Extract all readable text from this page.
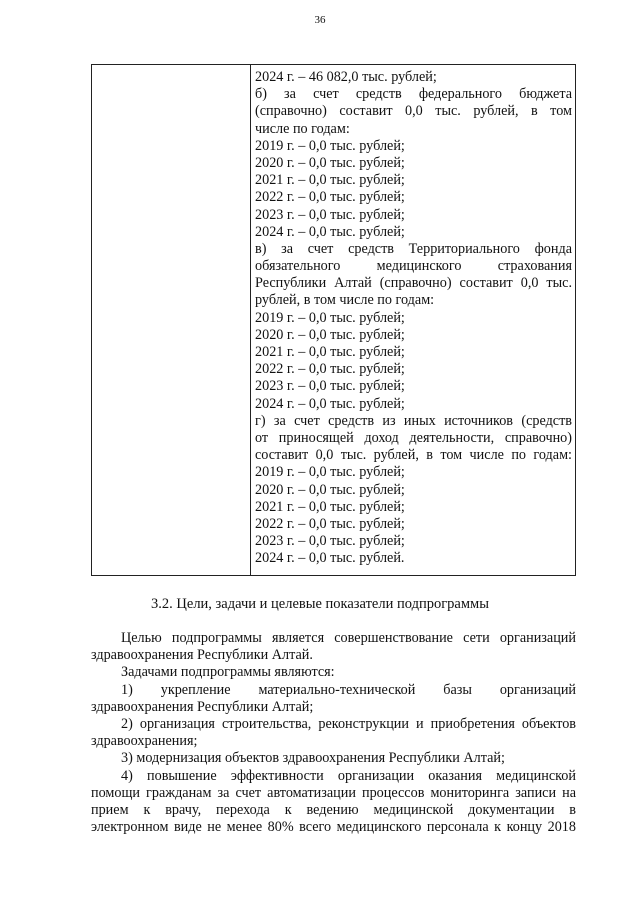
36
2024 г. – 46 082,0 тыс. рублей;
б) за счет средств федерального бюджета
(справочно) составит 0,0 тыс. рублей, в том
числе по годам:
2019 г. – 0,0 тыс. рублей;
2020 г. – 0,0 тыс. рублей;
2021 г. – 0,0 тыс. рублей;
2022 г. – 0,0 тыс. рублей;
2023 г. – 0,0 тыс. рублей;
2024 г. – 0,0 тыс. рублей;
в) за счет средств Территориального фонда
обязательного медицинского страхования
Республики Алтай (справочно) составит 0,0 тыс.
рублей, в том числе по годам:
2019 г. – 0,0 тыс. рублей;
2020 г. – 0,0 тыс. рублей;
2021 г. – 0,0 тыс. рублей;
2022 г. – 0,0 тыс. рублей;
2023 г. – 0,0 тыс. рублей;
2024 г. – 0,0 тыс. рублей;
г) за счет средств из иных источников (средств
от приносящей доход деятельности, справочно)
составит 0,0 тыс. рублей, в том числе по годам:
2019 г. – 0,0 тыс. рублей;
2020 г. – 0,0 тыс. рублей;
2021 г. – 0,0 тыс. рублей;
2022 г. – 0,0 тыс. рублей;
2023 г. – 0,0 тыс. рублей;
2024 г. – 0,0 тыс. рублей.
3.2. Цели, задачи и целевые показатели подпрограммы
Целью подпрограммы является совершенствование сети организаций
здравоохранения Республики Алтай.
Задачами подпрограммы являются:
1) укрепление материально-технической базы организаций
здравоохранения Республики Алтай;
2) организация строительства, реконструкции и приобретения объектов
здравоохранения;
3) модернизация объектов здравоохранения Республики Алтай;
4) повышение эффективности организации оказания медицинской
помощи гражданам за счет автоматизации процессов мониторинга записи на
прием к врачу, перехода к ведению медицинской документации в
электронном виде не менее 80% всего медицинского персонала к концу 2018
